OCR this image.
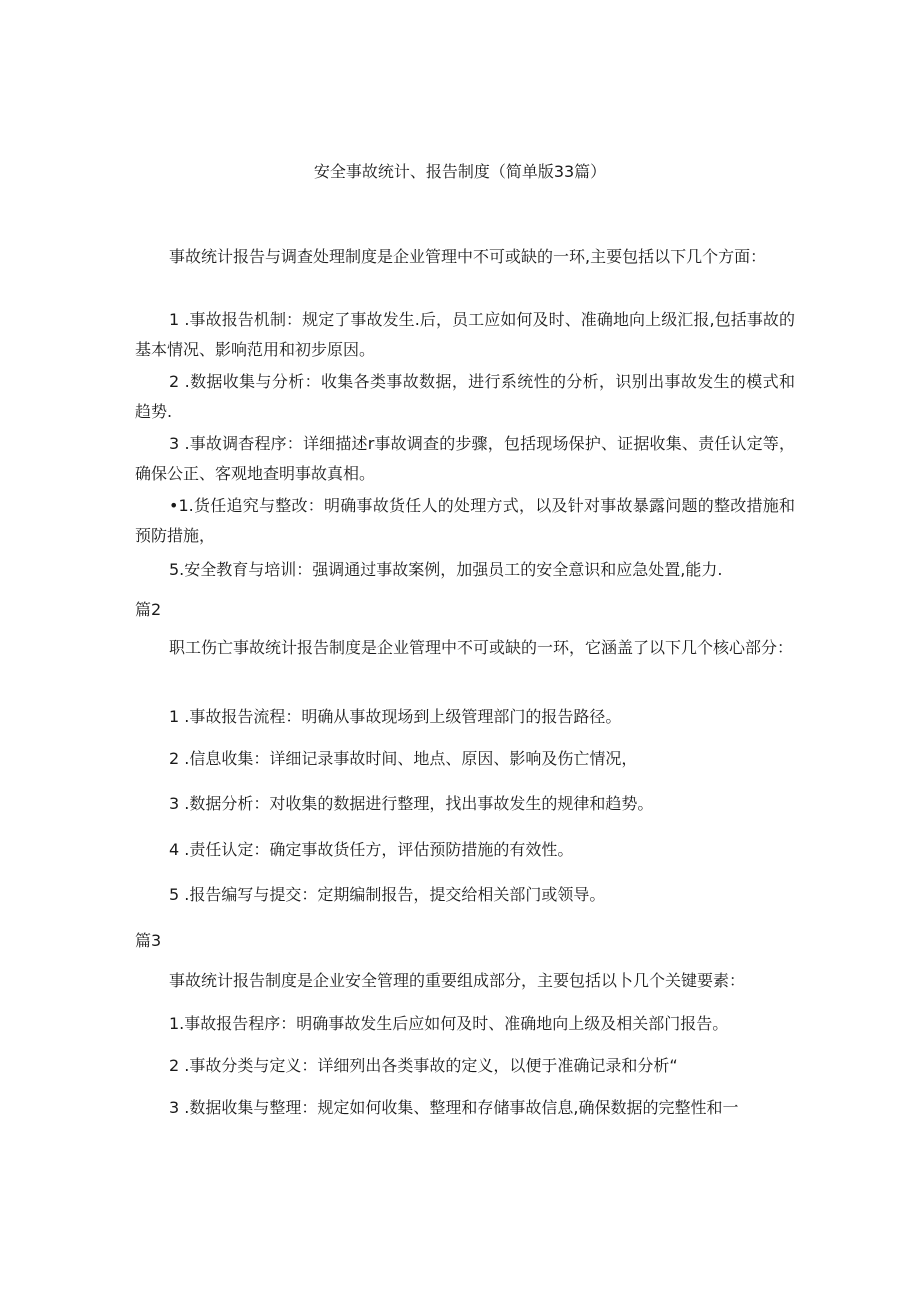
安全事故统计、报告制度（简单版33篇）
事故统计报告与调查处理制度是企业管理中不可或缺的一环,主要包括以下几个方面：
1 .事故报告机制：规定了事故发生.后，员工应如何及时、准确地向上级汇报,包括事故的基本情况、影响范用和初步原因。
2 .数据收集与分析：收集各类事故数据，进行系统性的分析，识别出事故发生的模式和趋势.
3 .事故调杳程序：详细描述r事故调查的步骤，包括现场保护、证据收集、责任认定等，确保公正、客观地查明事故真相。
•1.货任追究与整改：明确事故货任人的处理方式，以及针对事故暴露问题的整改措施和预防措施，
5.安全教育与培训：强调通过事故案例，加强员工的安全意识和应急处置,能力.
篇2
职工伤亡事故统计报告制度是企业管理中不可或缺的一环，它涵盖了以下几个核心部分：
1 .事故报告流程：明确从事故现场到上级管理部门的报告路径。
2 .信息收集：详细记录事故时间、地点、原因、影响及伤亡情况，
3 .数据分析：对收集的数据进行整理，找出事故发生的规律和趋势。
4 .责任认定：确定事故货任方，评估预防措施的有效性。
5 .报告编写与提交：定期编制报告，提交给相关部门或领导。
篇3
事故统计报告制度是企业安全管理的重要组成部分，主要包括以卜几个关键要素：
1.事故报告程序：明确事故发生后应如何及时、准确地向上级及相关部门报告。
2 .事故分类与定义：详细列出各类事故的定义，以便于准确记录和分析“
3 .数据收集与整理：规定如何收集、整理和存储事故信息,确保数据的完整性和一
